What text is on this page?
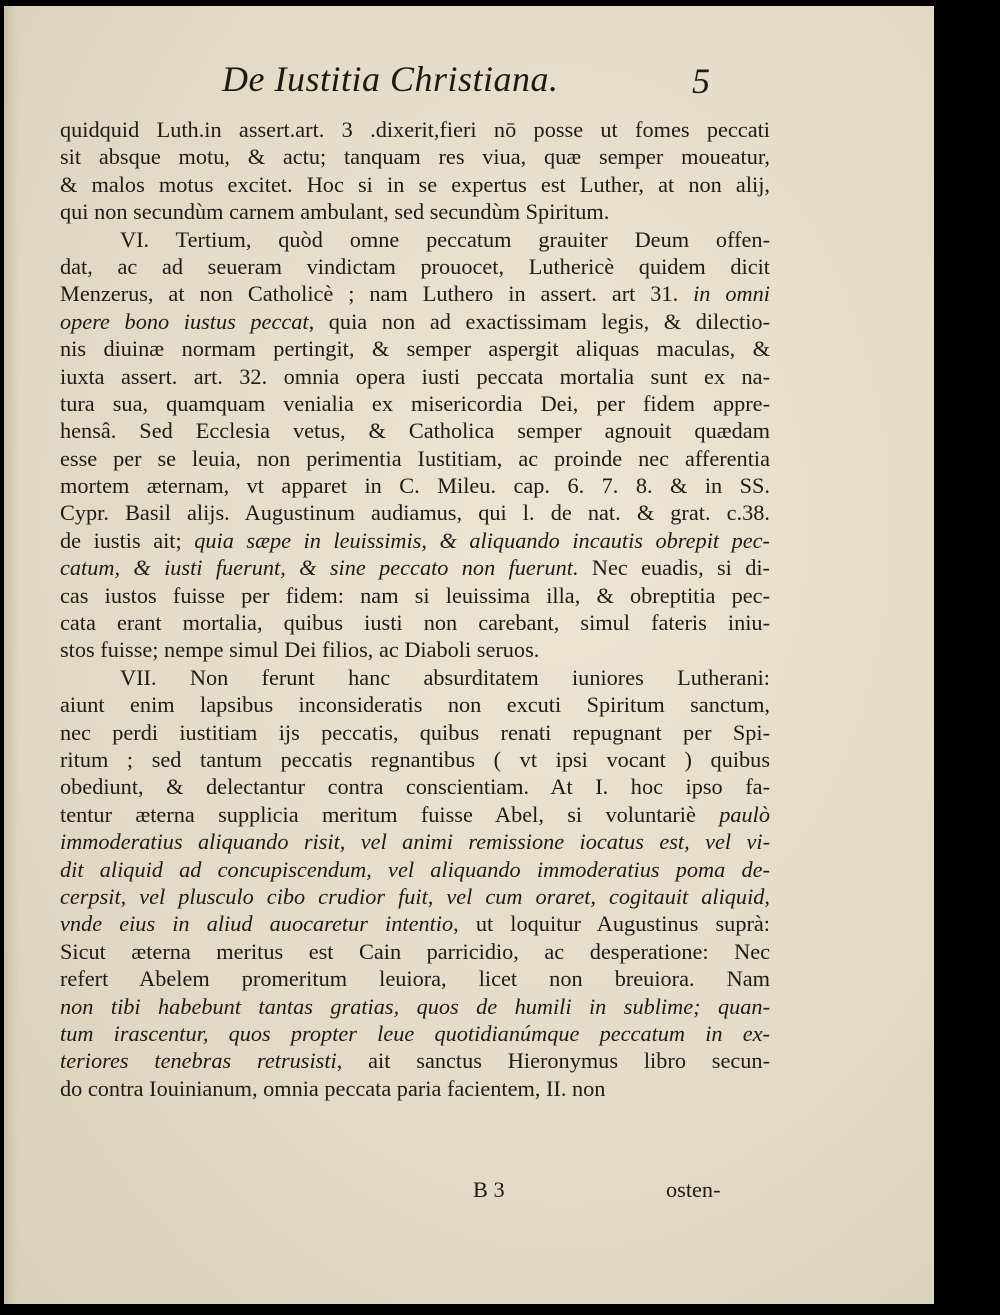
De Iustitia Christiana.	5
quidquid Luth.in assert.art. 3 .dixerit,fieri nō posse ut fomes peccati
sit absque motu, & actu; tanquam res viua, quæ semper moueatur,
& malos motus excitet. Hoc si in se expertus est Luther, at non alij,
qui non secundùm carnem ambulant, sed secundùm Spiritum.
VI. Tertium, quòd omne peccatum grauiter Deum offen-
dat, ac ad seueram vindictam prouocet, Luthericè quidem dicit
Menzerus, at non Catholicè ; nam Luthero in assert. art 31. in omni
opere bono iustus peccat, quia non ad exactissimam legis, & dilectio-
nis diuinæ normam pertingit, & semper aspergit aliquas maculas, &
iuxta assert. art. 32. omnia opera iusti peccata mortalia sunt ex na-
tura sua, quamquam venialia ex misericordia Dei, per fidem appre-
hensâ. Sed Ecclesia vetus, & Catholica semper agnouit quædam
esse per se leuia, non perimentia Iustitiam, ac proinde nec afferentia
mortem æternam, vt apparet in C. Mileu. cap. 6. 7. 8. & in SS.
Cypr. Basil alijs. Augustinum audiamus, qui l. de nat. & grat. c.38.
de iustis ait; quia sæpe in leuissimis, & aliquando incautis obrepit pec-
catum, & iusti fuerunt, & sine peccato non fuerunt. Nec euadis, si di-
cas iustos fuisse per fidem: nam si leuissima illa, & obreptitia pec-
cata erant mortalia, quibus iusti non carebant, simul fateris iniu-
stos fuisse; nempe simul Dei filios, ac Diaboli seruos.
VII. Non ferunt hanc absurditatem iuniores Lutherani:
aiunt enim lapsibus inconsideratis non excuti Spiritum sanctum,
nec perdi iustitiam ijs peccatis, quibus renati repugnant per Spi-
ritum ; sed tantum peccatis regnantibus ( vt ipsi vocant ) quibus
obediunt, & delectantur contra conscientiam. At I. hoc ipso fa-
tentur æterna supplicia meritum fuisse Abel, si voluntariè paulò
immoderatius aliquando risit, vel animi remissione iocatus est, vel vi-
dit aliquid ad concupiscendum, vel aliquando immoderatius poma de-
cerpsit, vel plusculo cibo crudior fuit, vel cum oraret, cogitauit aliquid,
vnde eius in aliud auocaretur intentio, ut loquitur Augustinus suprà:
Sicut æterna meritus est Cain parricidio, ac desperatione: Nec
refert Abelem promeritum leuiora, licet non breuiora. Nam
non tibi habebunt tantas gratias, quos de humili in sublime; quan-
tum irascentur, quos propter leue quotidianúmque peccatum in ex-
teriores tenebras retrusisti, ait sanctus Hieronymus libro secun-
do contra Iouinianum, omnia peccata paria facientem, II. non
B 3	osten-
